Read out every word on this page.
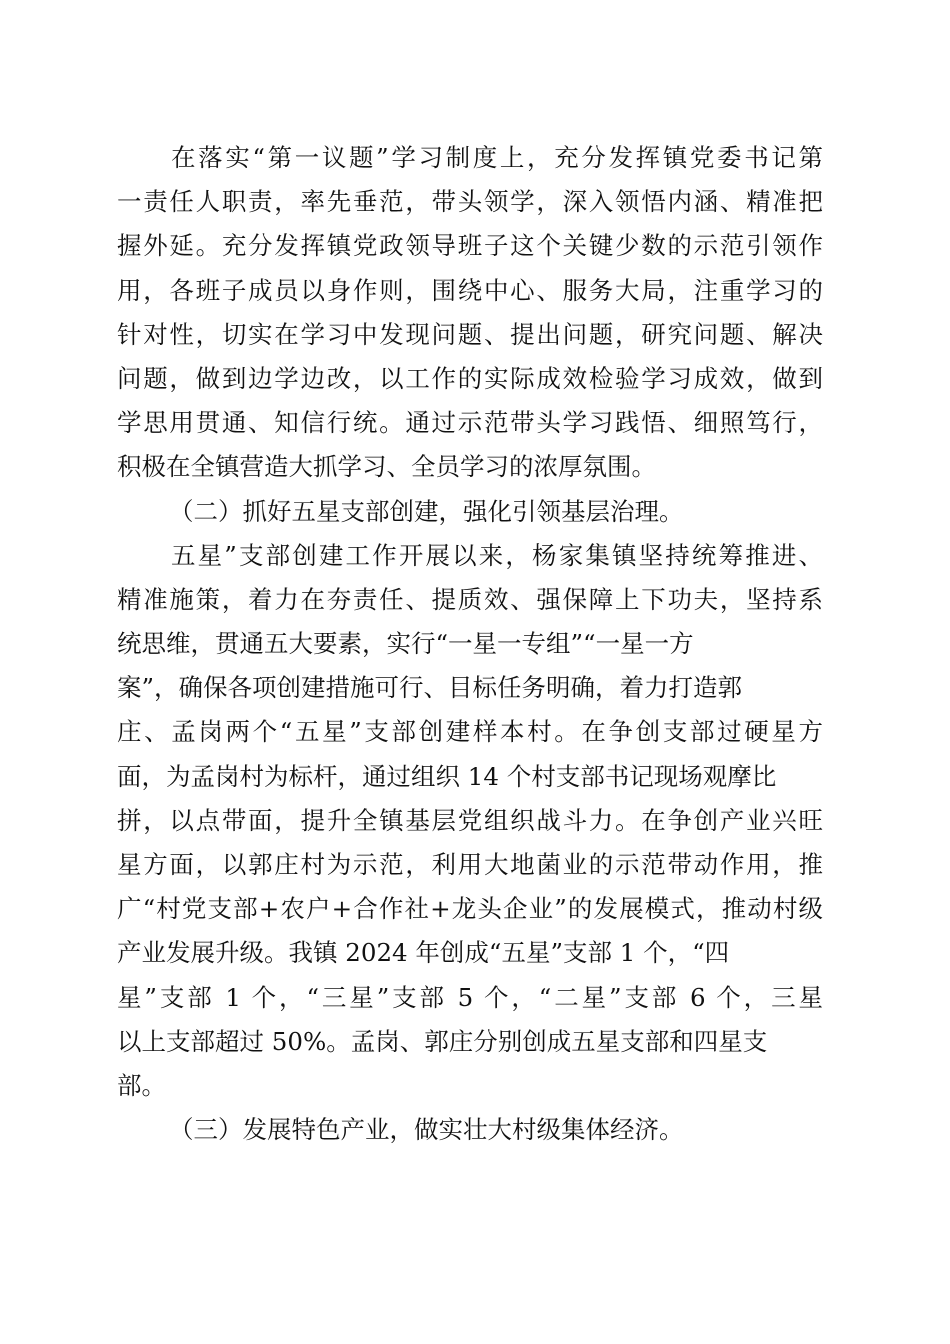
在落实“第一议题”学习制度上，充分发挥镇党委书记第
一责任人职责，率先垂范，带头领学，深入领悟内涵、精准把
握外延。充分发挥镇党政领导班子这个关键少数的示范引领作
用，各班子成员以身作则，围绕中心、服务大局，注重学习的
针对性，切实在学习中发现问题、提出问题，研究问题、解决
问题，做到边学边改，以工作的实际成效检验学习成效，做到
学思用贯通、知信行统。通过示范带头学习践悟、细照笃行，
积极在全镇营造大抓学习、全员学习的浓厚氛围。
（二）抓好五星支部创建，强化引领基层治理。
五星”支部创建工作开展以来，杨家集镇坚持统筹推进、
精准施策，着力在夯责任、提质效、强保障上下功夫，坚持系
统思维，贯通五大要素，实行“一星一专组”“一星一方
案”，确保各项创建措施可行、目标任务明确，着力打造郭
庄、孟岗两个“五星”支部创建样本村。在争创支部过硬星方
面，为孟岗村为标杆，通过组织 14 个村支部书记现场观摩比
拼，以点带面，提升全镇基层党组织战斗力。在争创产业兴旺
星方面，以郭庄村为示范，利用大地菌业的示范带动作用，推
广“村党支部+农户+合作社+龙头企业”的发展模式，推动村级
产业发展升级。我镇 2024 年创成“五星”支部 1 个，“四
星”支部 1 个，“三星”支部 5 个，“二星”支部 6 个，三星
以上支部超过 50%。孟岗、郭庄分别创成五星支部和四星支
部。
（三）发展特色产业，做实壮大村级集体经济。
